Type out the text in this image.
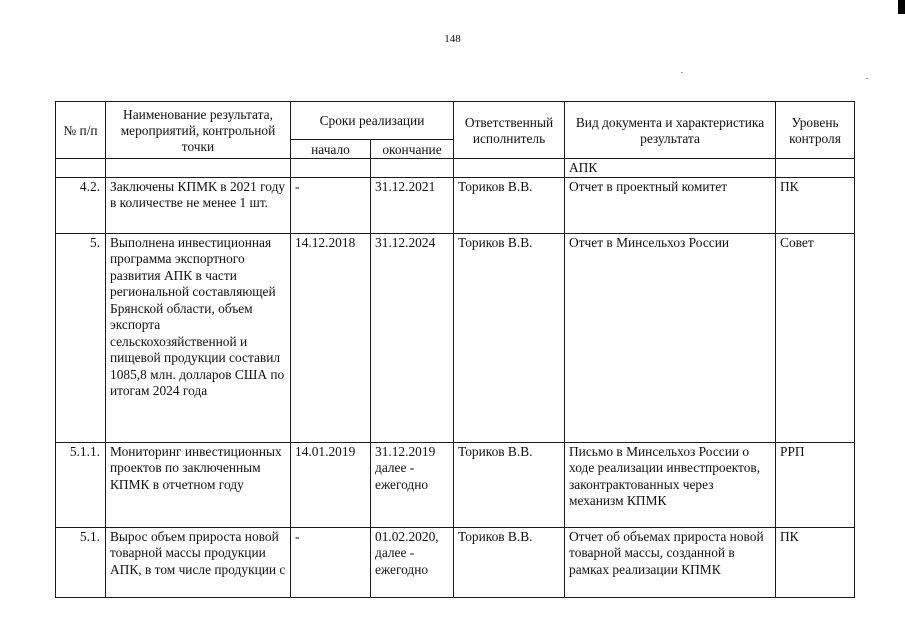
148
№ п/п	Наименование результата, мероприятий, контрольной точки	Сроки реализации		Ответственный исполнитель	Вид документа и характеристика результата	Уровень контроля
		начало	окончание			
					АПК	
4.2.	Заключены КПМК в 2021 году в количестве не менее 1 шт.	-	31.12.2021	Ториков В.В.	Отчет в проектный комитет	ПК
5.	Выполнена инвестиционная программа экспортного развития АПК в части региональной составляющей Брянской области, объем экспорта сельскохозяйственной и пищевой продукции составил 1085,8 млн. долларов США по итогам 2024 года	14.12.2018	31.12.2024	Ториков В.В.	Отчет в Минсельхоз России	Совет
5.1.1.	Мониторинг инвестиционных проектов по заключенным КПМК в отчетном году	14.01.2019	31.12.2019 далее - ежегодно	Ториков В.В.	Письмо в Минсельхоз России о ходе реализации инвестпроектов, законтрактованных через механизм КПМК	РРП
5.1.	Вырос объем прироста новой товарной массы продукции АПК, в том числе продукции с	-	01.02.2020, далее - ежегодно	Ториков В.В.	Отчет об объемах прироста новой товарной массы, созданной в рамках реализации КПМК	ПК
